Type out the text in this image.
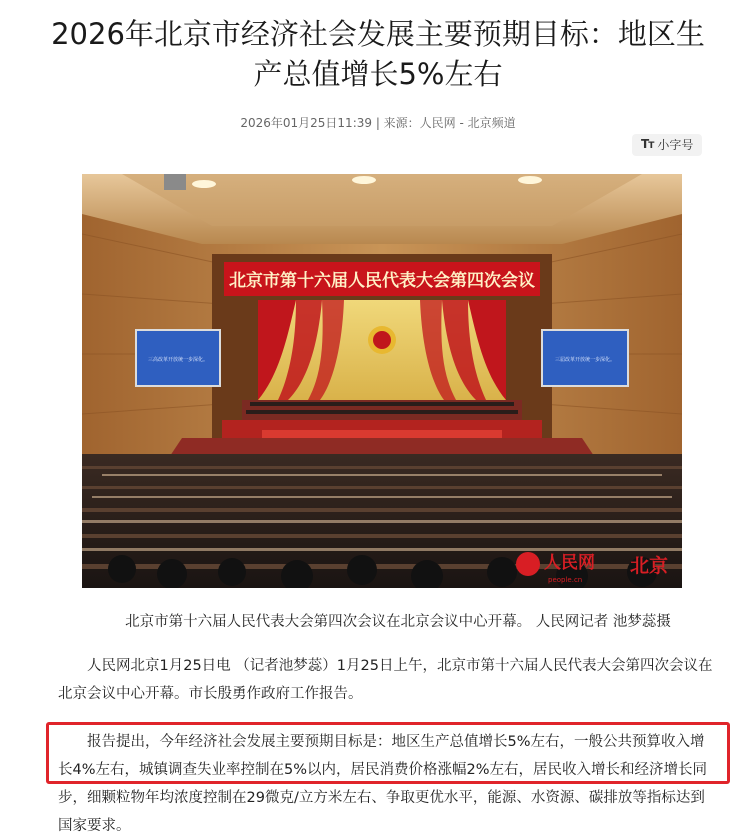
2026年北京市经济社会发展主要预期目标：地区生产总值增长5%左右
2026年01月25日11:39 | 来源：人民网 - 北京频道
TT 小字号
北京市第十六届人民代表大会第四次会议
三高改革开放统一步深化。	三届改革开放统一步深化。
人民网
people.cn
北京
北京市第十六届人民代表大会第四次会议在北京会议中心开幕。 人民网记者 池梦蕊摄

人民网北京1月25日电 （记者池梦蕊）1月25日上午，北京市第十六届人民代表大会第四次会议在北京会议中心开幕。市长殷勇作政府工作报告。

报告提出，今年经济社会发展主要预期目标是：地区生产总值增长5%左右，一般公共预算收入增长4%左右，城镇调查失业率控制在5%以内，居民消费价格涨幅2%左右，居民收入增长和经济增长同步，细颗粒物年均浓度控制在29微克/立方米左右、争取更优水平，能源、水资源、碳排放等指标达到国家要求。
